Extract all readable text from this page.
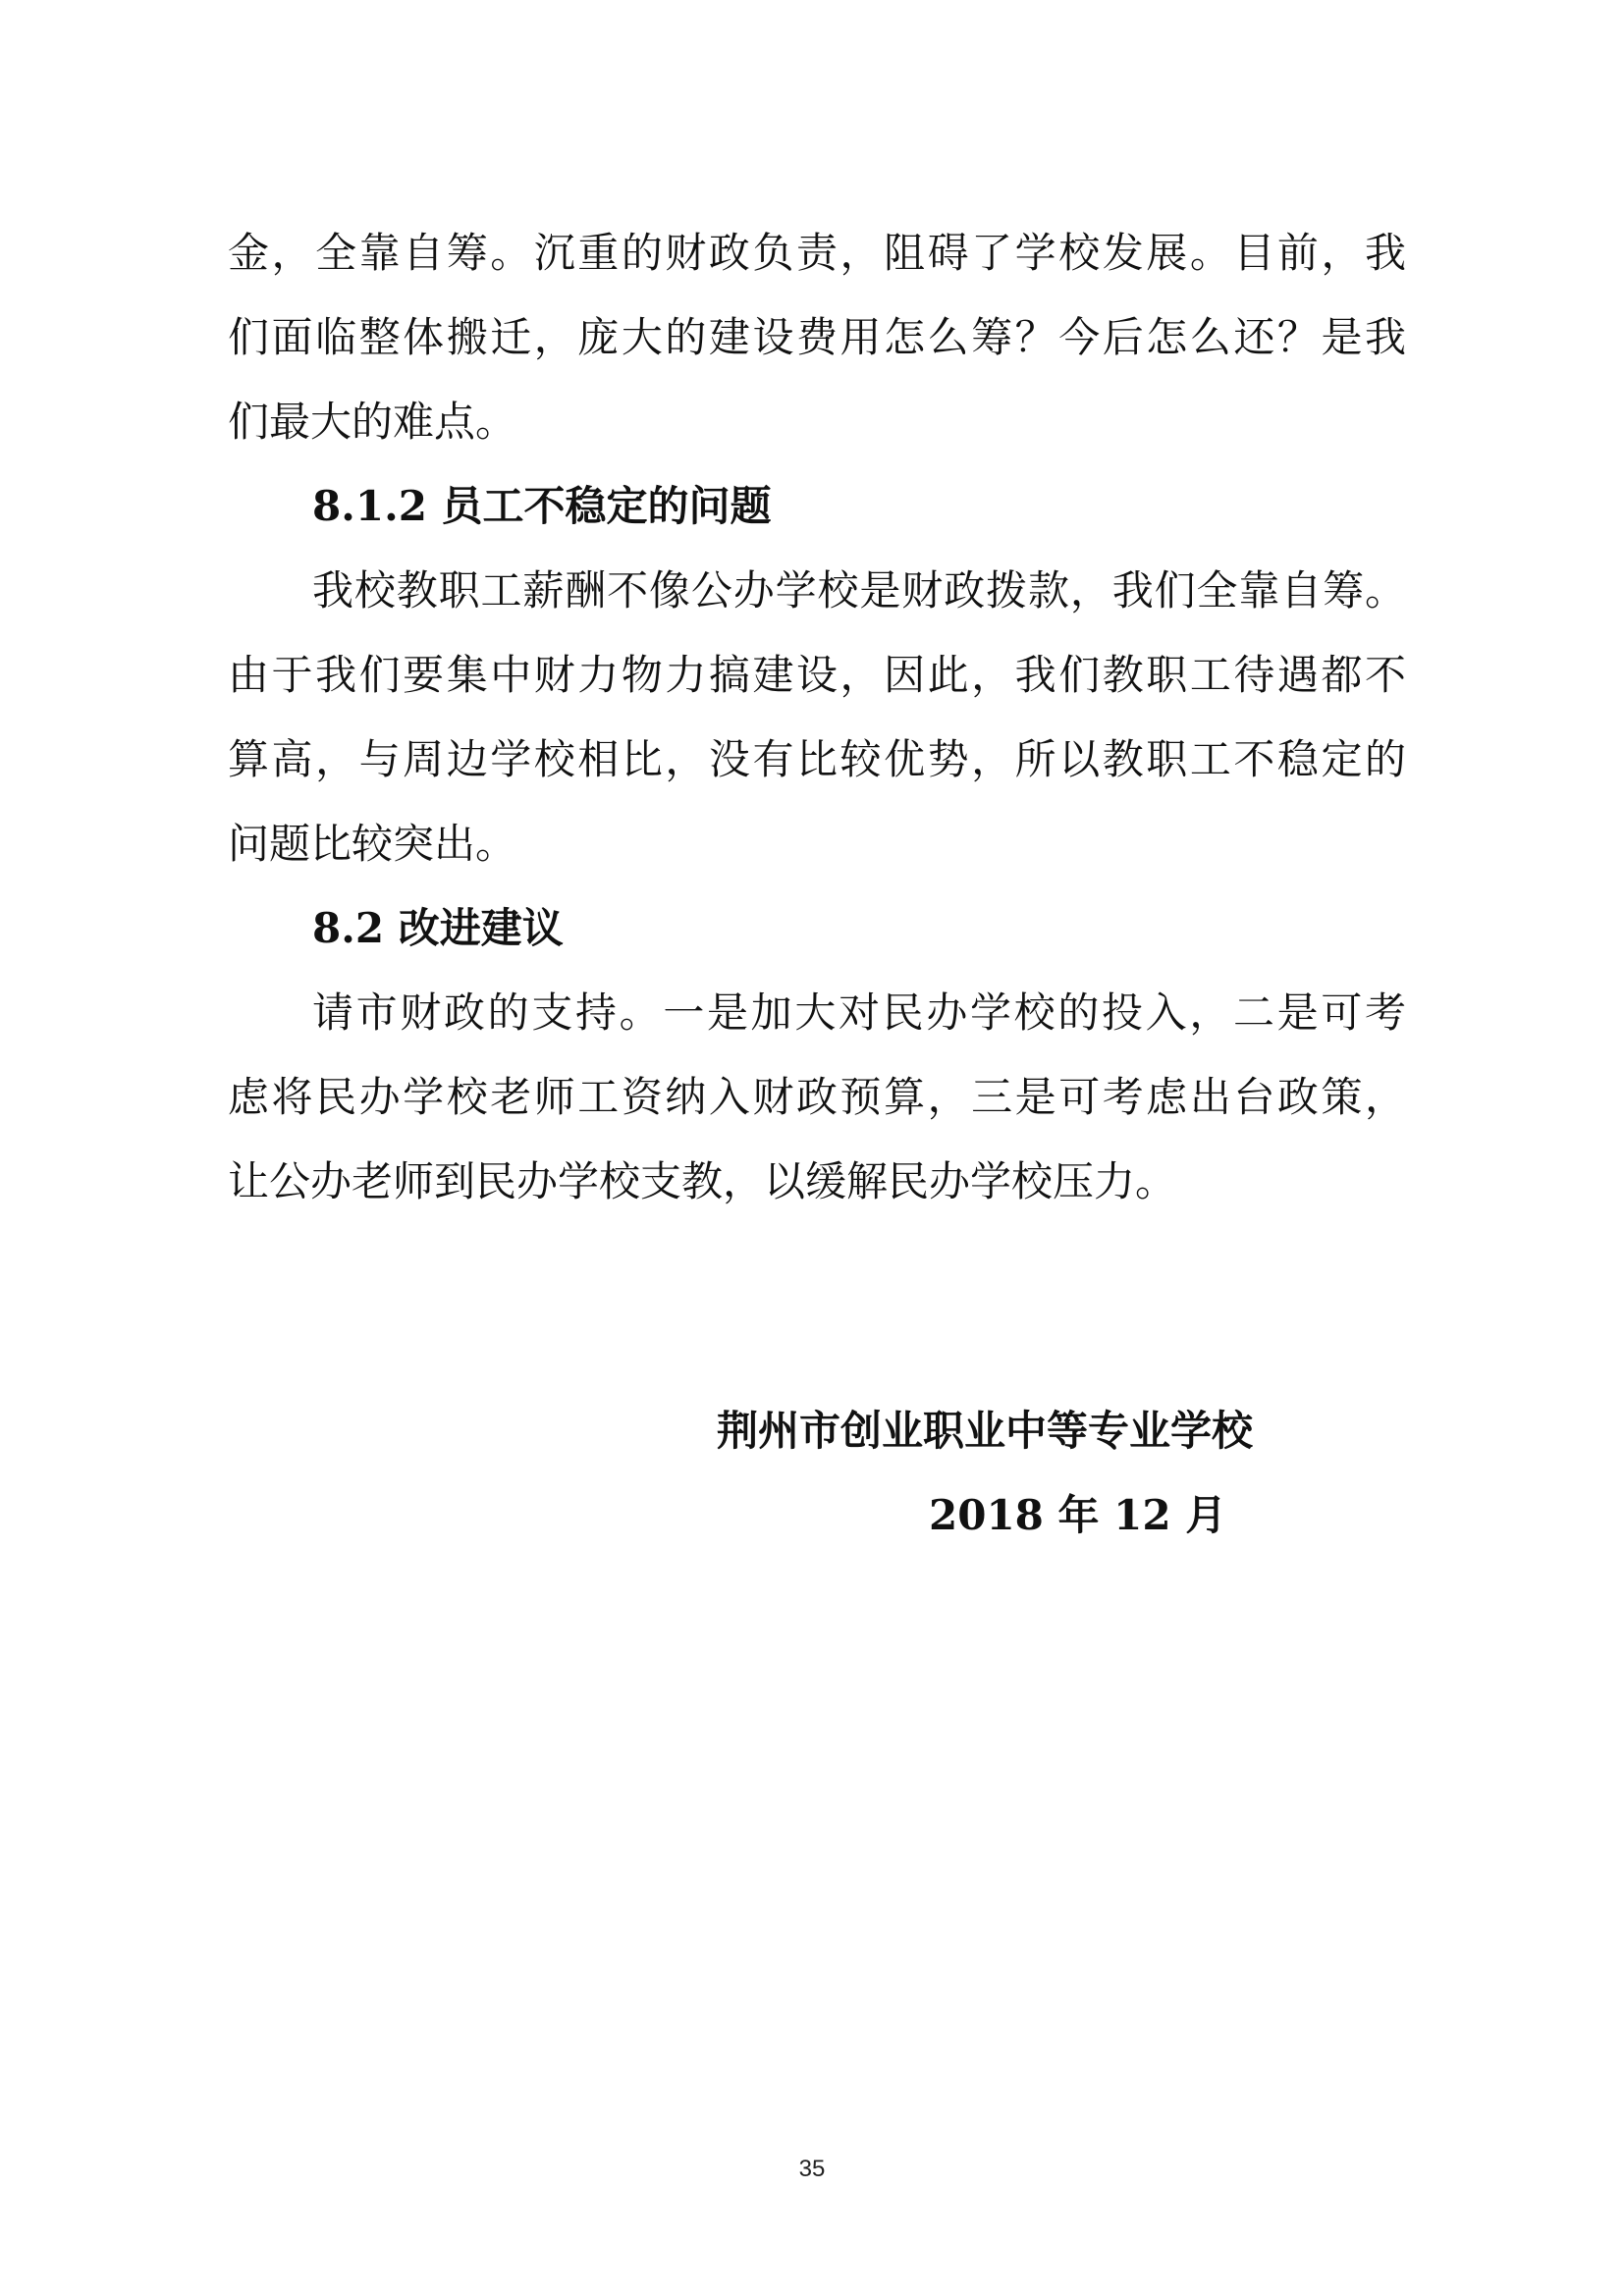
金，全靠自筹。沉重的财政负责，阻碍了学校发展。目前，我
们面临整体搬迁，庞大的建设费用怎么筹？今后怎么还？是我
们最大的难点。
8.1.2 员工不稳定的问题
我校教职工薪酬不像公办学校是财政拨款，我们全靠自筹。
由于我们要集中财力物力搞建设，因此，我们教职工待遇都不
算高，与周边学校相比，没有比较优势，所以教职工不稳定的
问题比较突出。
8.2 改进建议
请市财政的支持。一是加大对民办学校的投入，二是可考
虑将民办学校老师工资纳入财政预算，三是可考虑出台政策，
让公办老师到民办学校支教，以缓解民办学校压力。
荆州市创业职业中等专业学校
2018 年 12 月
35
